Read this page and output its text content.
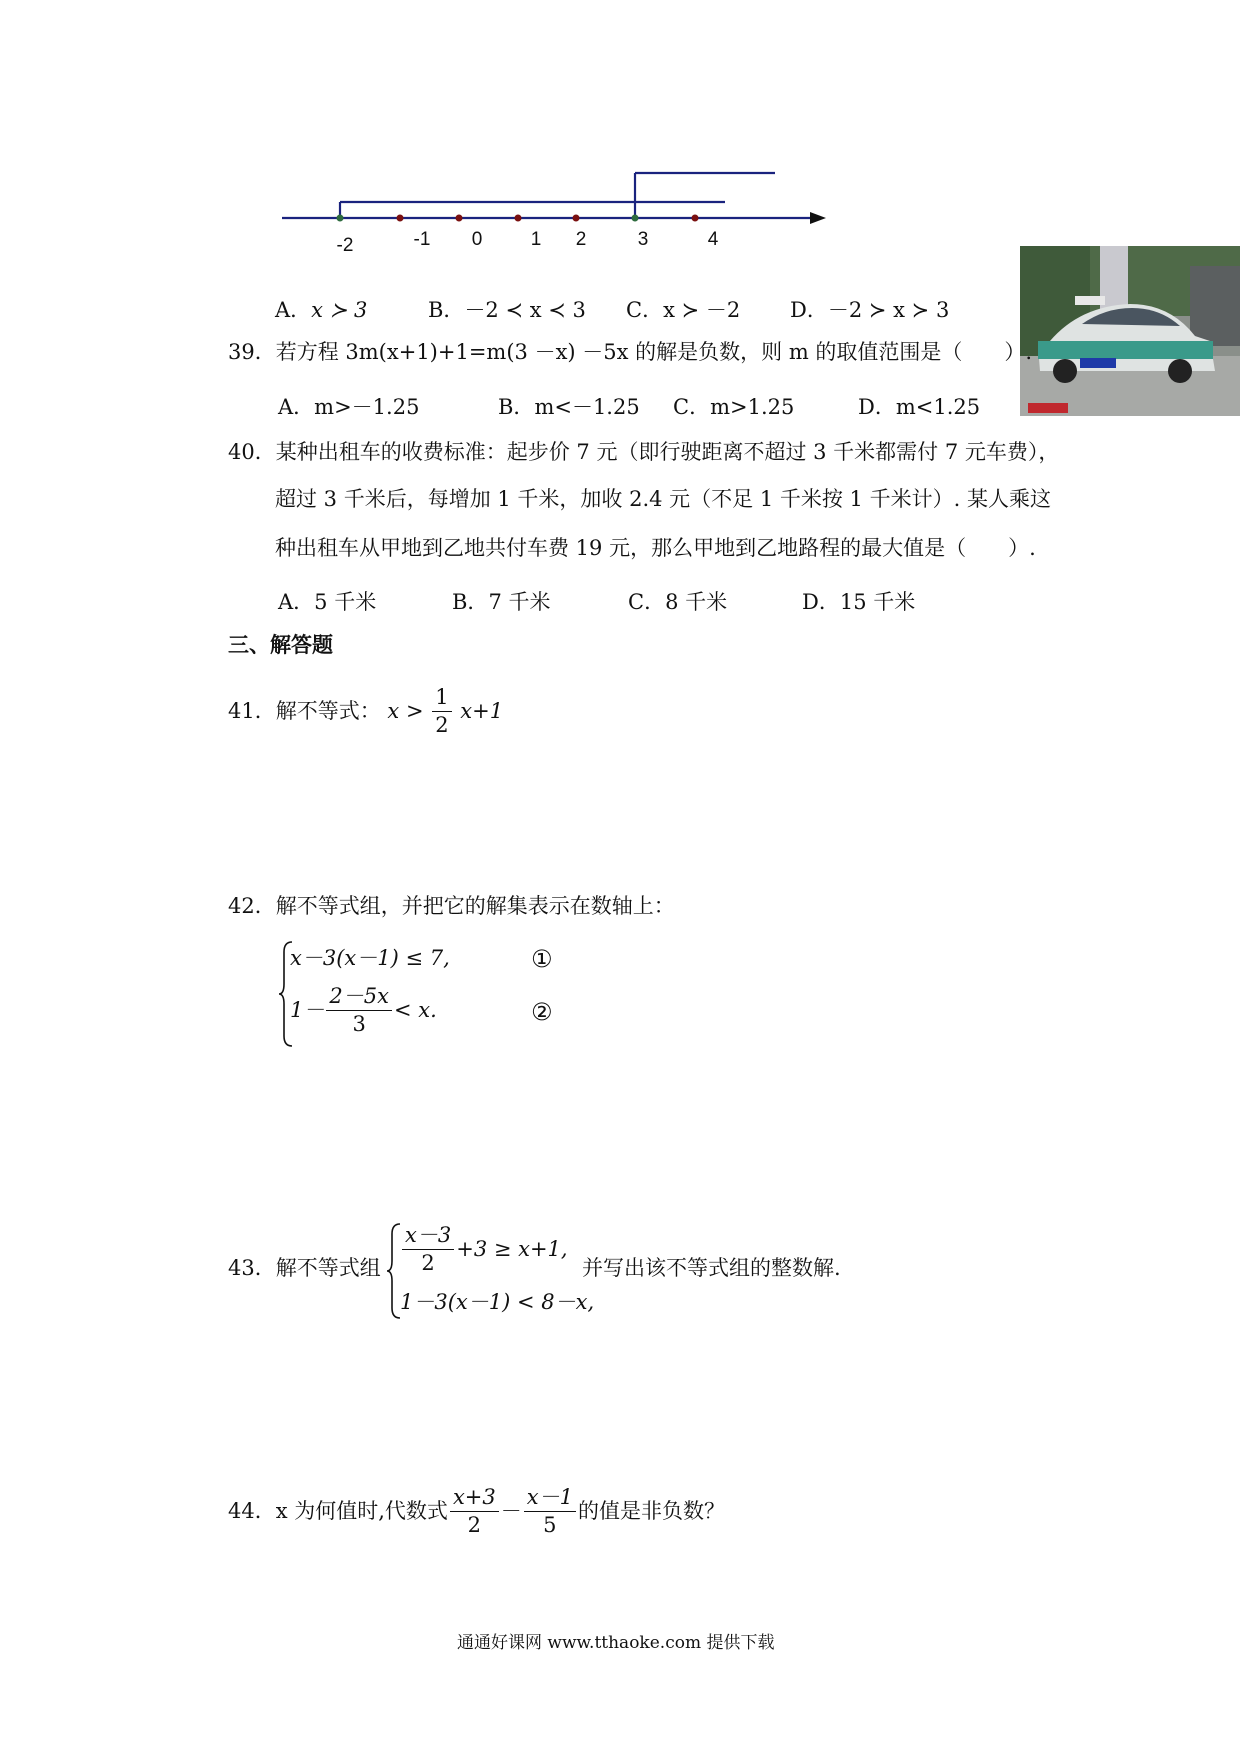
-2	-1 0	1 2	3	4
A．x ≻ 3	B．－2 ≺ x ≺ 3 C．x ≻ －2 D．－2 ≻ x ≻ 3
39．若方程 3m(x+1)+1=m(3 －x) －5x 的解是负数，则 m 的取值范围是（　　）.
A．m>－1.25	B．m<－1.25 C．m>1.25	D．m<1.25
40．某种出租车的收费标准：起步价 7 元（即行驶距离不超过 3 千米都需付 7 元车费），
超过 3 千米后，每增加 1 千米，加收 2.4 元（不足 1 千米按 1 千米计）. 某人乘这
种出租车从甲地到乙地共付车费 19 元，那么甲地到乙地路程的最大值是（　　）.
A．5 千米	B．7 千米	C．8 千米	D．15 千米
三、解答题
41．解不等式： $x > \frac{1}{2} x+1$
42．解不等式组，并把它的解集表示在数轴上：
x－3(x－1) ≤ 7,	①
$1- \frac{2-5x}{3} < x$.	②
43．解不等式组 $\frac{x-3}{2} +3 \ge x+1$,
1－3(x－1) < 8－x,
并写出该不等式组的整数解.
44．x 为何值时,代数式 $\frac{x+3}{2} - \frac{x-1}{5}$ 的值是非负数？
通通好课网 www.tthaoke.com 提供下载
